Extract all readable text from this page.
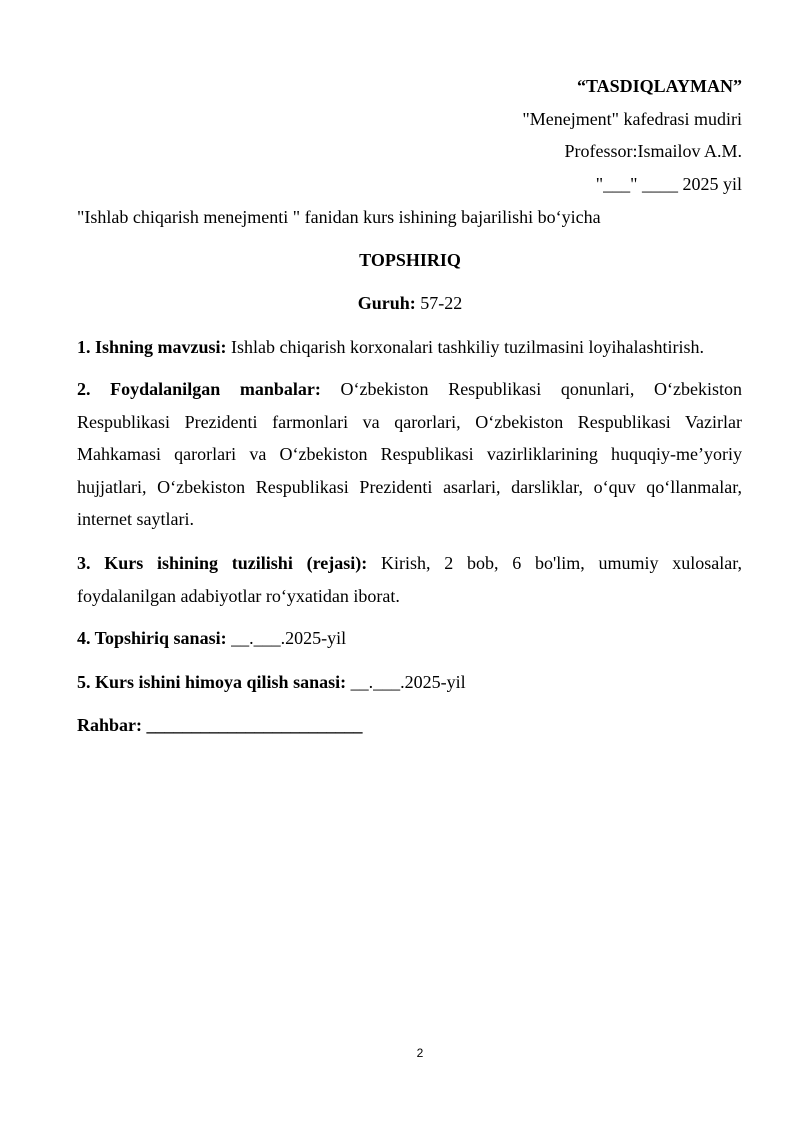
“TASDIQLAYMAN”
"Menejment" kafedrasi mudiri
Professor:Ismailov A.M.
"___" ____ 2025 yil
"Ishlab chiqarish menejmenti " fanidan kurs ishining bajarilishi bo‘yicha
TOPSHIRIQ
Guruh: 57-22
1. Ishning mavzusi: Ishlab chiqarish korxonalari tashkiliy tuzilmasini loyihalashtirish.
2. Foydalanilgan manbalar: O‘zbekiston Respublikasi qonunlari, O‘zbekiston Respublikasi Prezidenti farmonlari va qarorlari, O‘zbekiston Respublikasi Vazirlar Mahkamasi qarorlari va O‘zbekiston Respublikasi vazirliklarining huquqiy-me’yoriy hujjatlari, O‘zbekiston Respublikasi Prezidenti asarlari, darsliklar, o‘quv qo‘llanmalar, internet saytlari.
3. Kurs ishining tuzilishi (rejasi): Kirish, 2 bob, 6 bo'lim, umumiy xulosalar, foydalanilgan adabiyotlar ro‘yxatidan iborat.
4. Topshiriq sanasi: __.___.2025-yil
5. Kurs ishini himoya qilish sanasi: __.___.2025-yil
Rahbar: ________________________
2
